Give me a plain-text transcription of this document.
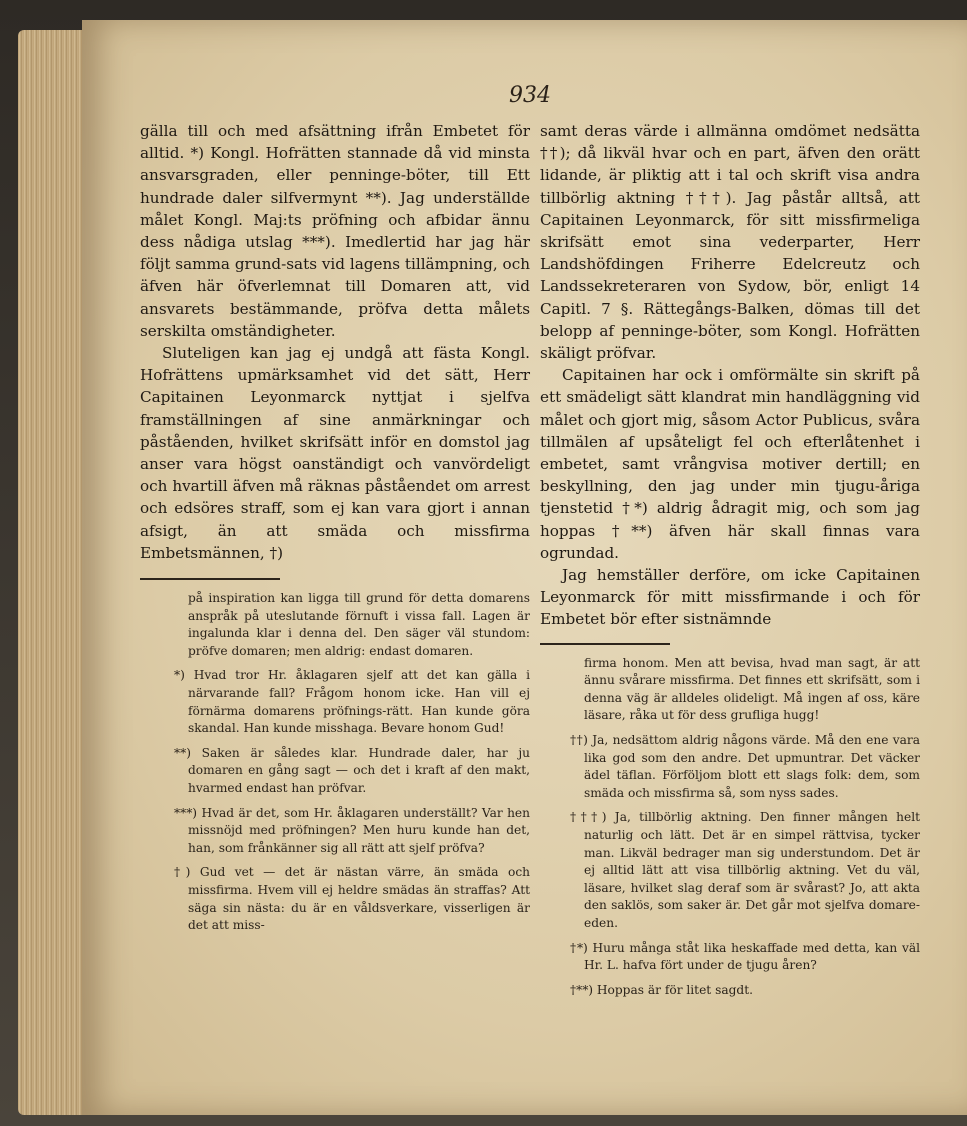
934

gälla till och med afsättning ifrån Embetet för alltid. *) Kongl. Hofrätten stannade då vid minsta ansvarsgraden, eller penninge-böter, till Ett hundrade daler silfvermynt **). Jag underställde målet Kongl. Maj:ts pröfning och afbidar ännu dess nådiga utslag ***). Imedlertid har jag här följt samma grund-sats vid lagens tillämpning, och äfven här öfverlemnat till Domaren att, vid ansvarets bestämmande, pröfva detta målets serskilta omständigheter.

Sluteligen kan jag ej undgå att fästa Kongl. Hofrättens upmärksamhet vid det sätt, Herr Capitainen Leyonmarck nyttjat i sjelfva framställningen af sine anmärkningar och påståenden, hvilket skrifsätt inför en domstol jag anser vara högst oanständigt och vanvördeligt och hvartill äfven må räknas påståendet om arrest och edsöres straff, som ej kan vara gjort i annan afsigt, än att smäda och missfirma Embetsmännen, †)

på inspiration kan ligga till grund för detta domarens anspråk på uteslutande förnuft i vissa fall. Lagen är ingalunda klar i denna del. Den säger väl stundom: pröfve domaren; men aldrig: endast domaren.

*) Hvad tror Hr. åklagaren sjelf att det kan gälla i närvarande fall? Frågom honom icke. Han vill ej förnärma domarens pröfnings-rätt. Han kunde göra skandal. Han kunde misshaga. Bevare honom Gud!

**) Saken är således klar. Hundrade daler, har ju domaren en gång sagt — och det i kraft af den makt, hvarmed endast han pröfvar.

***) Hvad är det, som Hr. åklagaren underställt? Var hen missnöjd med pröfningen? Men huru kunde han det, han, som frånkänner sig all rätt att sjelf pröfva?

†) Gud vet — det är nästan värre, än smäda och missfirma. Hvem vill ej heldre smädas än straffas? Att säga sin nästa: du är en våldsverkare, visserligen är det att miss-

samt deras värde i allmänna omdömet nedsätta ††); då likväl hvar och en part, äfven den orätt lidande, är pliktig att i tal och skrift visa andra tillbörlig aktning †††). Jag påstår alltså, att Capitainen Leyonmarck, för sitt missfirmeliga skrifsätt emot sina vederparter, Herr Landshöfdingen Friherre Edelcreutz och Landssekreteraren von Sydow, bör, enligt 14 Capitl. 7 §. Rättegångs-Balken, dömas till det belopp af penninge-böter, som Kongl. Hofrätten skäligt pröfvar.

Capitainen har ock i omförmälte sin skrift på ett smädeligt sätt klandrat min handläggning vid målet och gjort mig, såsom Actor Publicus, svåra tillmälen af upsåteligt fel och efterlåtenhet i embetet, samt vrångvisa motiver dertill; en beskyllning, den jag under min tjugu-åriga tjenstetid †*) aldrig ådragit mig, och som jag hoppas †**) äfven här skall finnas vara ogrundad.

Jag hemställer derföre, om icke Capitainen Leyonmarck för mitt missfirmande i och för Embetet bör efter sistnämnde

firma honom. Men att bevisa, hvad man sagt, är att ännu svårare missfirma. Det finnes ett skrifsätt, som i denna väg är alldeles olideligt. Må ingen af oss, käre läsare, råka ut för dess grufliga hugg!

††) Ja, nedsättom aldrig någons värde. Må den ene vara lika god som den andre. Det upmuntrar. Det väcker ädel täflan. Förföljom blott ett slags folk: dem, som smäda och missfirma så, som nyss sades.

†††) Ja, tillbörlig aktning. Den finner mången helt naturlig och lätt. Det är en simpel rättvisa, tycker man. Likväl bedrager man sig understundom. Det är ej alltid lätt att visa tillbörlig aktning. Vet du väl, läsare, hvilket slag deraf som är svårast? Jo, att akta den saklös, som saker är. Det går mot sjelfva domare-eden.

†*) Huru många ståt lika heskaffade med detta, kan väl Hr. L. hafva fört under de tjugu åren?

†**) Hoppas är för litet sagdt.
